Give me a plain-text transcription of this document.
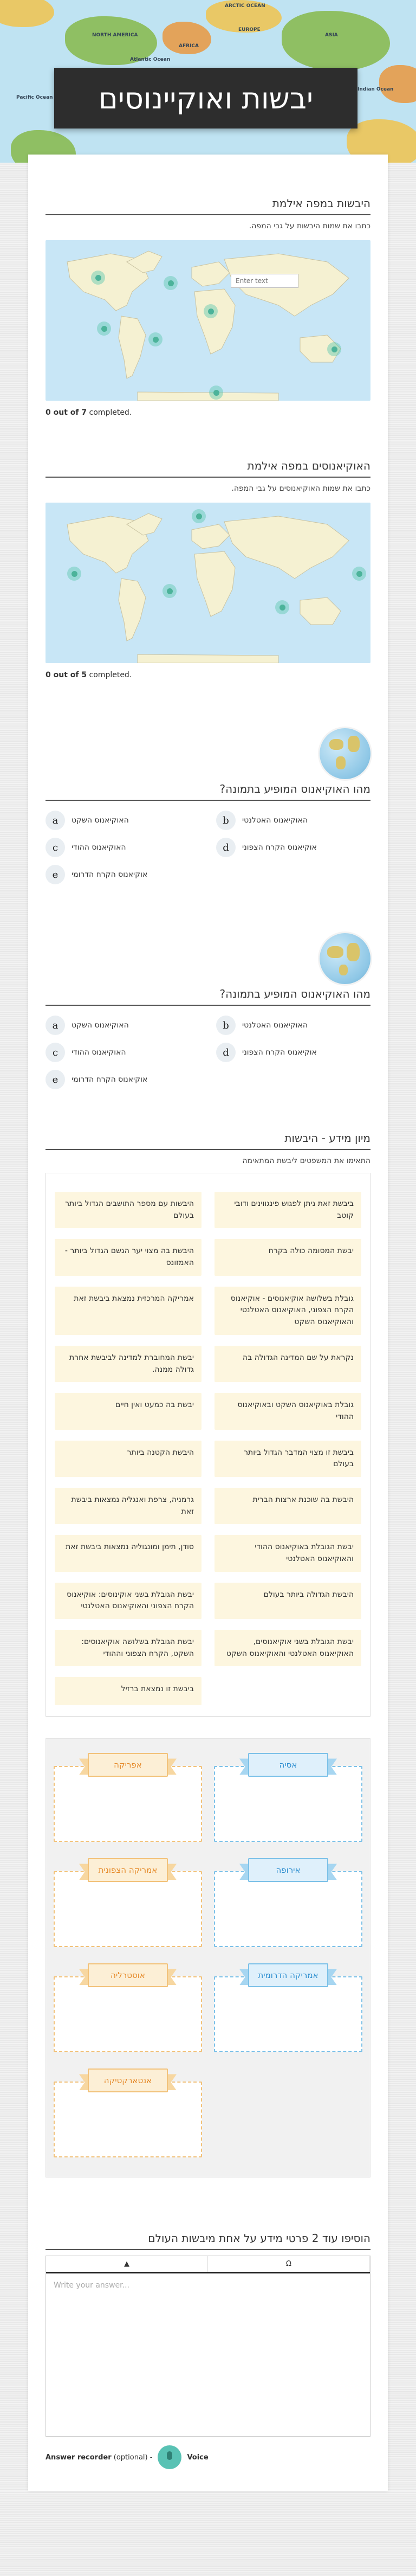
NORTH AMERICA
Atlantic Ocean
ARCTIC OCEAN
ASIA
EUROPE
AFRICA
Pacific Ocean
Indian Ocean
יבשות ואוקיינוסים
היבשות במפה אילמת
כתבו את שמות היבשות על גבי המפה.
Enter text
0 out of 7 completed.
האוקיאנוסים במפה אילמת
כתבו את שמות האוקיאנוסים על גבי המפה.
0 out of 5 completed.
מהו האוקיאנוס המופיע בתמונה?
a	האוקיאנוס השקט	b	האוקיאנוס האטלנטי
c	האוקיאנוס ההודי	d	אוקיאנוס הקרח הצפוני
e	אוקיאנוס הקרח הדרומי
מהו האוקיאנוס המופיע בתמונה?
a	האוקיאנוס השקט	b	האוקיאנוס האטלנטי
c	האוקיאנוס ההודי	d	אוקיאנוס הקרח הצפוני
e	אוקיאנוס הקרח הדרומי
מיון מידע - היבשות
התאימו את המשפטים ליבשת המתאימה
ביבשת זאת ניתן לפגוש פינגווינים ודובי קוטב
היבשות עם מספר התושבים הגדול ביותר בעולם
יבשת המסומה כולה בקרח
היבשת בה מצוי יער הגשם הגדול ביותר - האמזונס
גובלת בשלושה אוקיאנוסים - אוקיאנוס הקרח הצפוני, האוקיאנוס האטלנטי והאוקיאנוס השקט
אמריקה המרכזית נמצאת ביבשת זאת
נקראת על שם המדינה הגדולה בה
יבשת המחוברת למדינה לביבשת אחרת גדולה ממנה.
גובלת באוקיאנוס השקט ובאוקיאנוס ההודי
יבשת בה כמעט ואין חיים
ביבשת זו מצוי המדבר הגדול ביותר בעולם
היבשת הקטנה ביותר
היבשת בה שוכנת ארצות הברית
גרמניה, צרפת ואנגליה נמצאות ביבשת זאת
יבשת הגובלת באוקיאנוס ההודי והאוקיאנוס האטלנטי
סודן, תימן ומונגוליה נמצאות ביבשת זאת
היבשת הגדולה ביותר בעולם
יבשת הגובלת בשני אוקינוסים: אוקיאנוס הקרח הצפוני והאוקיאנוס האטלנטי
יבשת הגובלת בשני אוקיאנוסים, האוקיאנוס האטלנטי והאוקיאנוס השקט
יבשת הגובלת בשלושה אוקיאנוסים: השקט, הקרח הצפוני וההודי
ביבשת זו נמצאת ברזיל
אפריקה	אסיה
אמריקה הצפונית	אירופה
אוסטרליה	אמריקה הדרומית
אנטארקטיקה
הוסיפו עוד 2 פרטי מידע על אחת מיבשות העולם
▲	Ω
Write your answer...
Answer recorder (optional) -	Voice
